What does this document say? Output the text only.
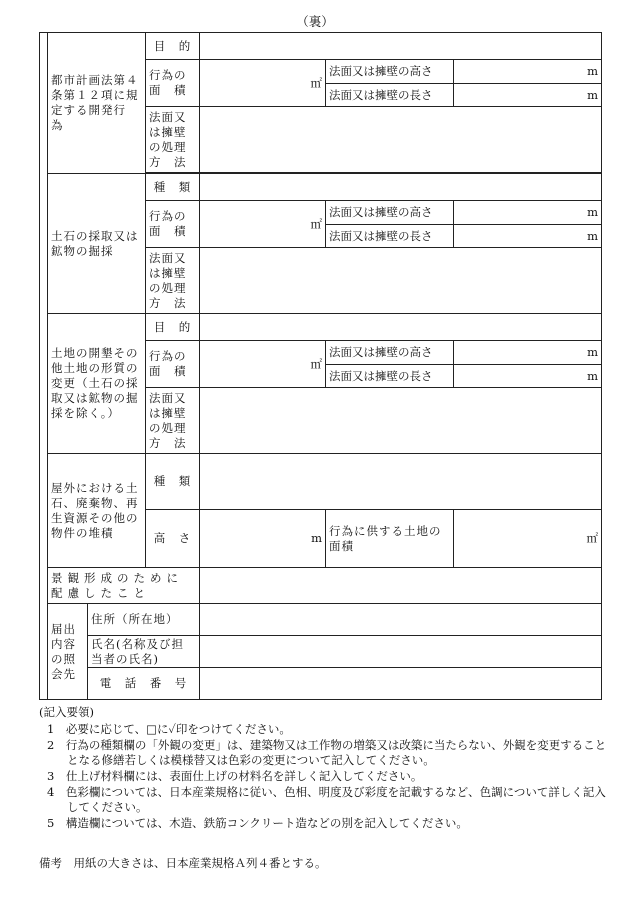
（裏）
	都市計画法第４条第１２項に規定する開発行　為		目　的			
			行為の面　積	㎡	法面又は擁壁の高さ	m
					法面又は擁壁の長さ	m
			法面又は擁壁の処理方　法			

	土石の採取又は鉱物の掘採		種　類			
			行為の面　積	㎡	法面又は擁壁の高さ	m
					法面又は擁壁の長さ	m
			法面又は擁壁の処理方　法			
	土地の開墾その他土地の形質の変更（土石の採取又は鉱物の掘採を除く。）		目　的			
			行為の面　積	㎡	法面又は擁壁の高さ	m
					法面又は擁壁の長さ	m
			法面又は擁壁の処理方　法			
	屋外における土石、廃棄物、再生資源その他の物件の堆積		種　類			
			高　さ	m	行為に供する土地の面積	㎡
	景観形成のために配慮したこと					
	届出内容の照会先	住所（所在地）				
		氏名(名称及び担当者の氏名)				
		電　話　番　号				
(記入要領)
1　必要に応じて、□に✓印をつけてください。
2　行為の種類欄の「外観の変更」は、建築物又は工作物の増築又は改築に当たらない、外観を変更することとなる修繕若しくは模様替又は色彩の変更について記入してください。
3　仕上げ材料欄には、表面仕上げの材料名を詳しく記入してください。
4　色彩欄については、日本産業規格に従い、色相、明度及び彩度を記載するなど、色調について詳しく記入してください。
5　構造欄については、木造、鉄筋コンクリート造などの別を記入してください。
備考　用紙の大きさは、日本産業規格Ａ列４番とする。
